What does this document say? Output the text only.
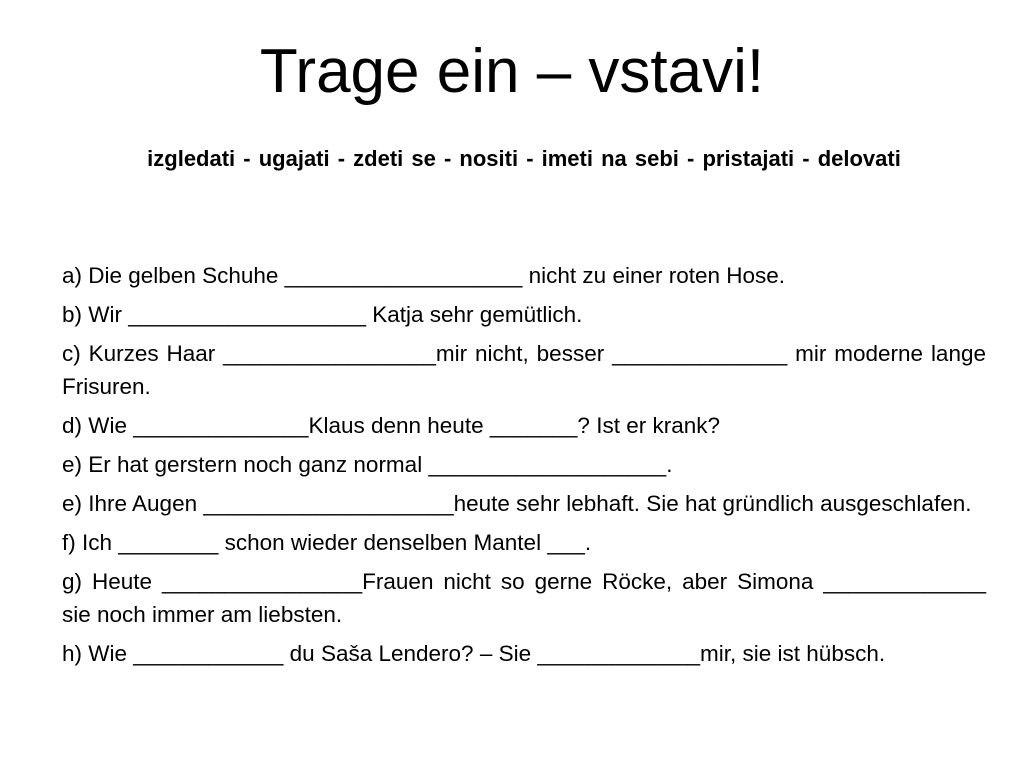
Trage ein – vstavi!

izgledati - ugajati - zdeti se - nositi - imeti na sebi - pristajati - delovati

a) Die gelben Schuhe ___________________ nicht zu einer roten Hose.
b) Wir ___________________ Katja sehr gemütlich.
c) Kurzes Haar _________________mir nicht, besser ______________ mir moderne lange Frisuren.
d) Wie ______________Klaus denn heute _______? Ist er krank?
e) Er hat gerstern noch ganz normal ___________________.
e) Ihre Augen ____________________heute sehr lebhaft. Sie hat gründlich ausgeschlafen.
f) Ich ________ schon wieder denselben Mantel ___.
g) Heute ________________Frauen nicht so gerne Röcke, aber Simona _____________ sie noch immer am liebsten.
h) Wie ____________ du Saša Lendero? – Sie _____________mir, sie ist hübsch.
